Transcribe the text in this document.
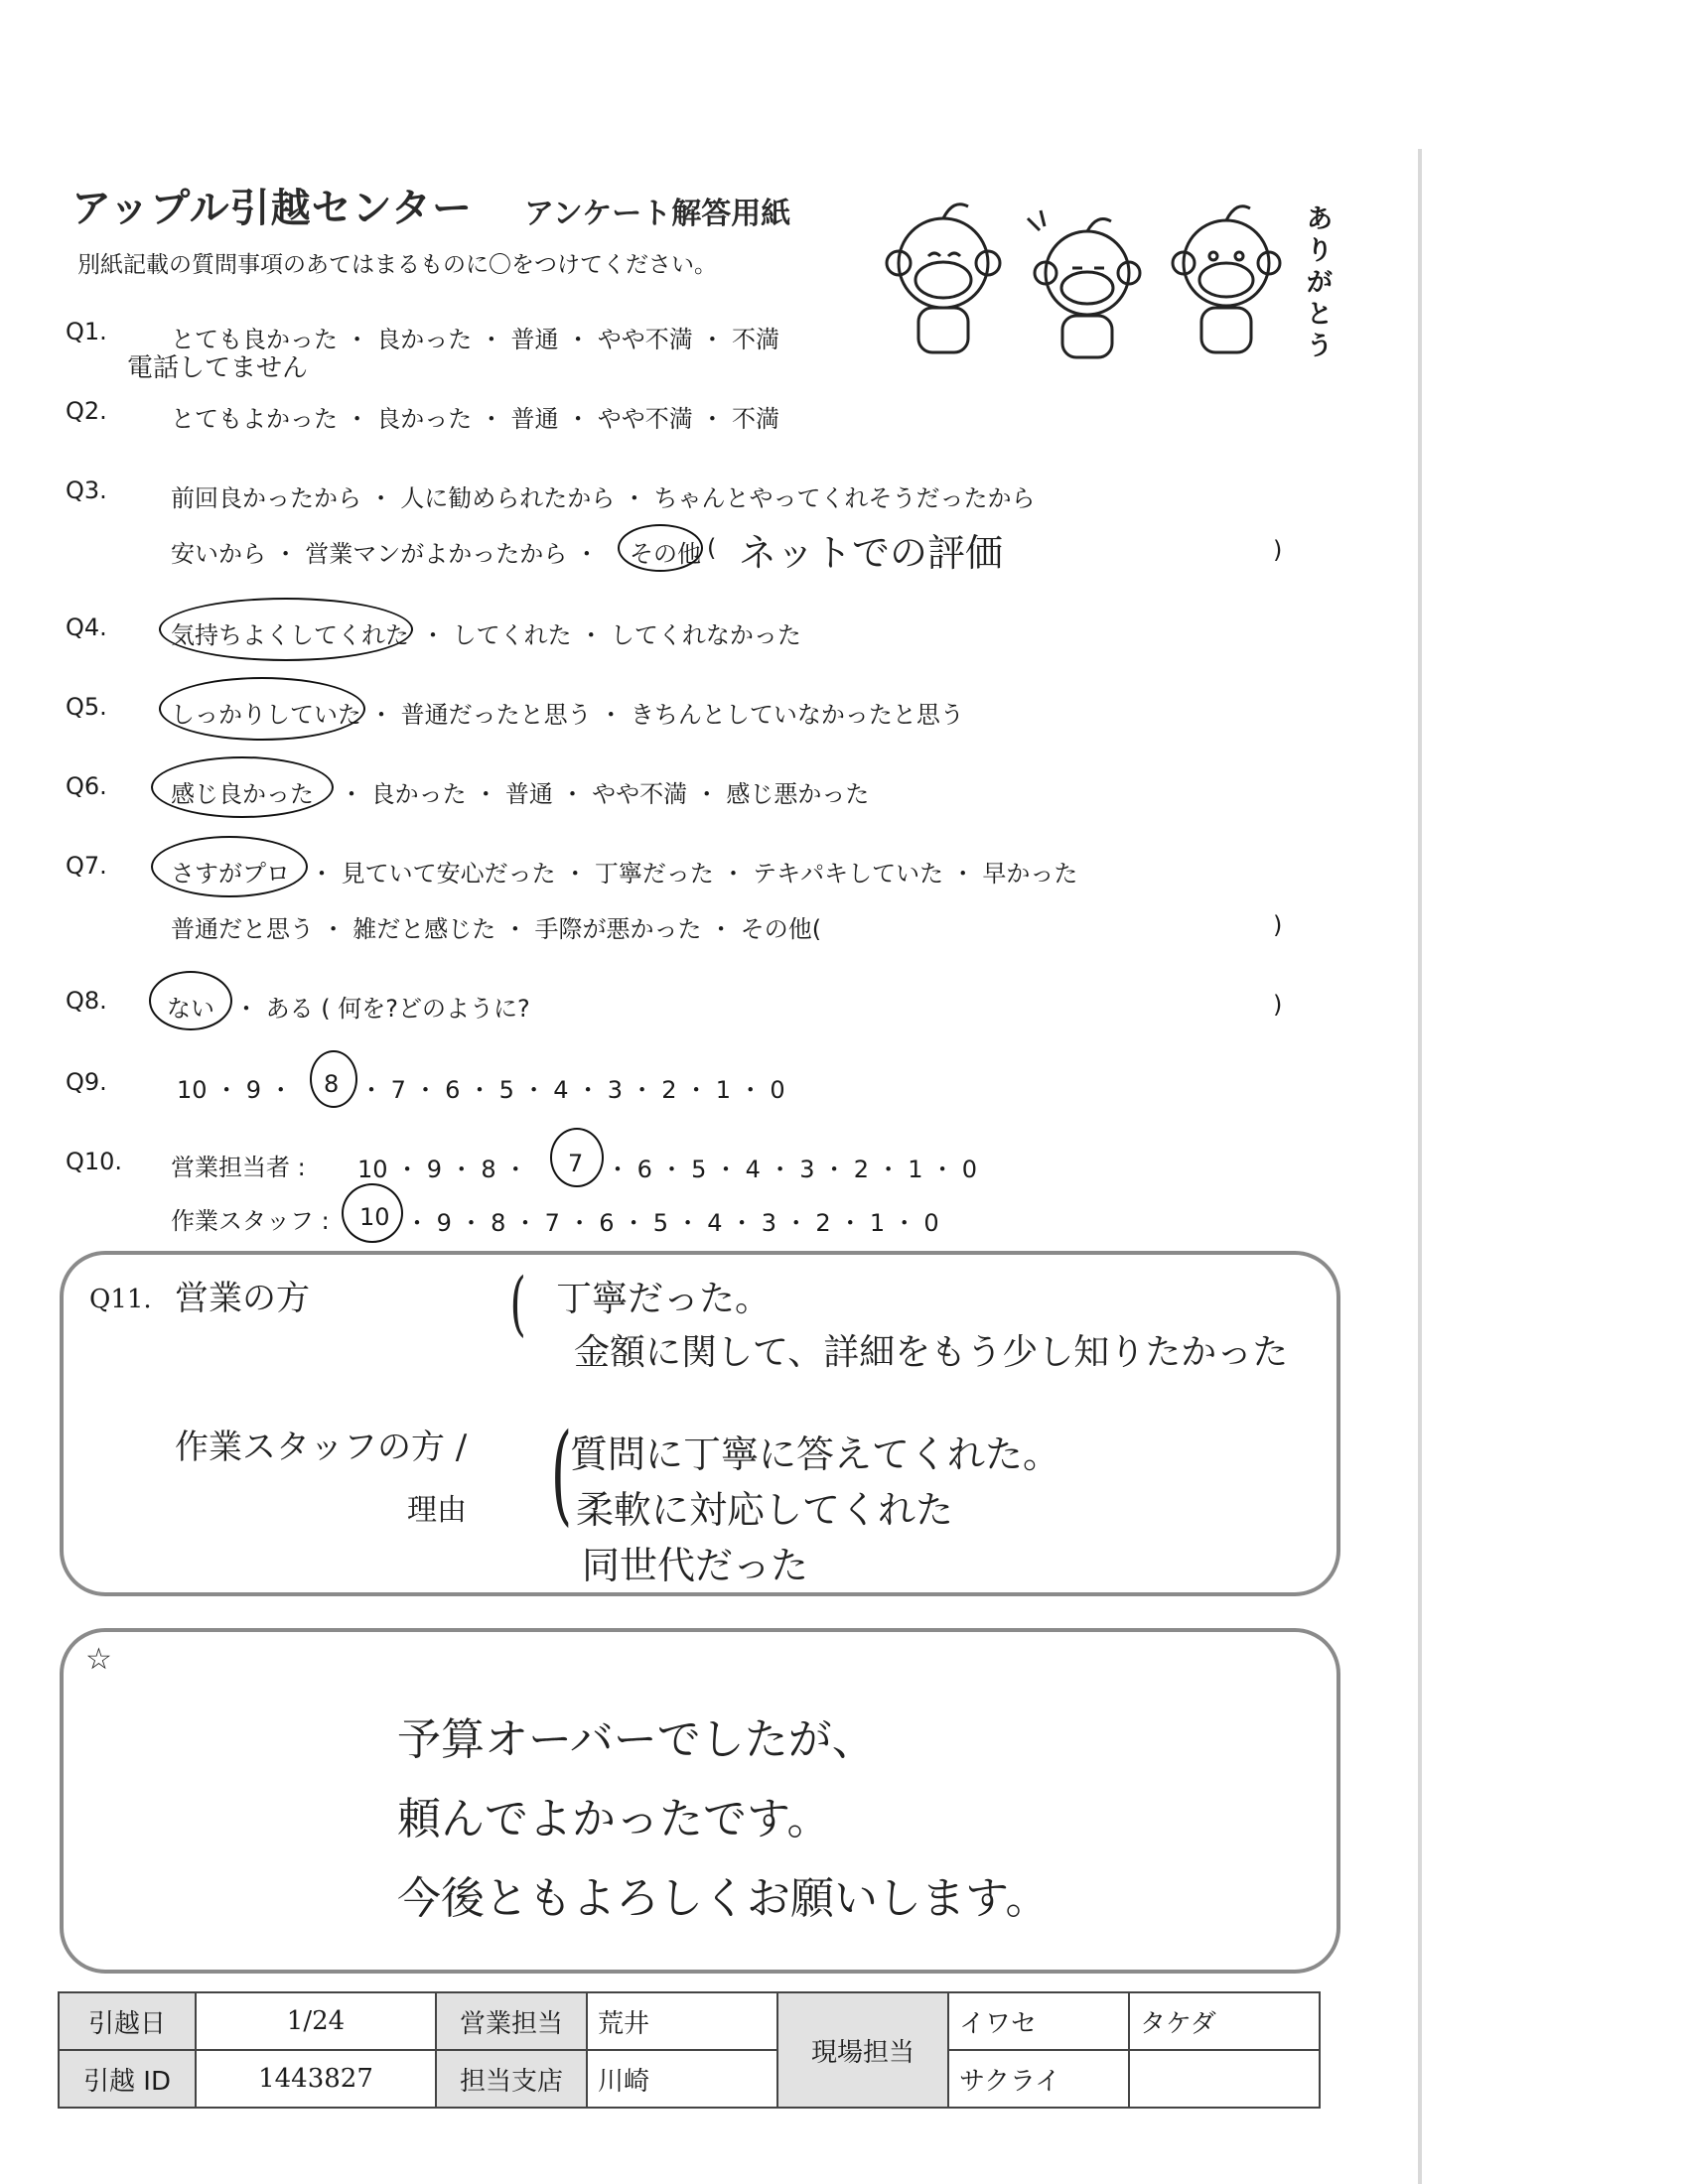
アップル引越センター アンケート解答用紙
別紙記載の質問事項のあてはまるものに〇をつけてください。
ありがとう
Q1.	とても良かった ・ 良かった ・ 普通 ・ やや不満 ・ 不満
電話してません
Q2.	とてもよかった ・ 良かった ・ 普通 ・ やや不満 ・ 不満
Q3.	前回良かったから ・ 人に勧められたから ・ ちゃんとやってくれそうだったから
安いから ・ 営業マンがよかったから ・ その他 ( ネットでの評価	)
Q4.	気持ちよくしてくれた ・ してくれた ・ してくれなかった
Q5.	しっかりしていた ・ 普通だったと思う ・ きちんとしていなかったと思う
Q6.	感じ良かった ・ 良かった ・ 普通 ・ やや不満 ・ 感じ悪かった
Q7.	さすがプロ ・ 見ていて安心だった ・ 丁寧だった ・ テキパキしていた ・ 早かった
普通だと思う ・ 雑だと感じた ・ 手際が悪かった ・ その他(	)
Q8.	ない ・ ある ( 何を?どのように?	)
Q9.	10 ・ 9 ・ 8 ・ 7 ・ 6 ・ 5 ・ 4 ・ 3 ・ 2 ・ 1 ・ 0
Q10. 営業担当者 : 10 ・ 9 ・ 8 ・ 7 ・ 6 ・ 5 ・ 4 ・ 3 ・ 2 ・ 1 ・ 0
作業スタッフ : 10 ・ 9 ・ 8 ・ 7 ・ 6 ・ 5 ・ 4 ・ 3 ・ 2 ・ 1 ・ 0
Q11. 営業の方	( 丁寧だった。
金額に関して、詳細をもう少し知りたかった
作業スタッフの方 /
理由 (
質問に丁寧に答えてくれた。
柔軟に対応してくれた
同世代だった
☆
予算オーバーでしたが、
頼んでよかったです。
今後ともよろしくお願いします。
引越日	1/24	営業担当	荒井	現場担当	イワセ	タケダ
引越 ID	1443827	担当支店	川崎		サクライ	
